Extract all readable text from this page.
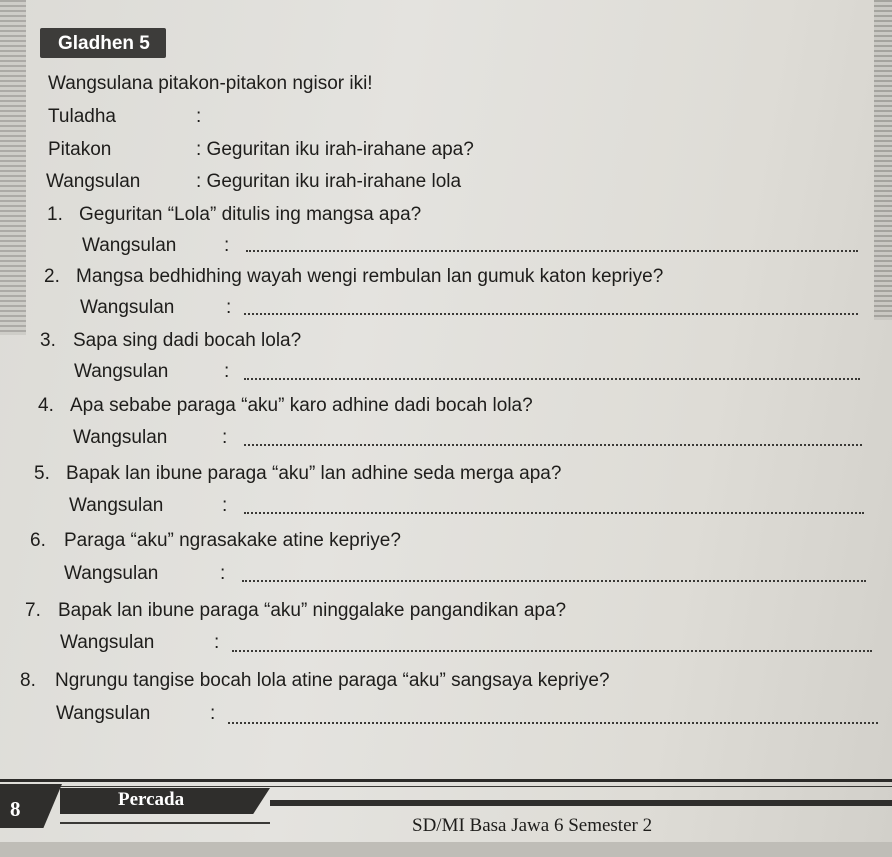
Gladhen 5
Wangsulana pitakon-pitakon ngisor iki!
Tuladha	:
Pitakon	: Geguritan iku irah-irahane apa?
Wangsulan	: Geguritan iku irah-irahane lola
1. Geguritan “Lola” ditulis ing mangsa apa?
Wangsulan	:
2. Mangsa bedhidhing wayah wengi rembulan lan gumuk katon kepriye?
Wangsulan	:
3. Sapa sing dadi bocah lola?
Wangsulan	:
4. Apa sebabe paraga “aku” karo adhine dadi bocah lola?
Wangsulan	:
5. Bapak lan ibune paraga “aku” lan adhine seda merga apa?
Wangsulan	:
6. Paraga “aku” ngrasakake atine kepriye?
Wangsulan	:
7. Bapak lan ibune paraga “aku” ninggalake pangandikan apa?
Wangsulan	:
8. Ngrungu tangise bocah lola atine paraga “aku” sangsaya kepriye?
Wangsulan	:
8	Percada
SD/MI Basa Jawa 6 Semester 2
